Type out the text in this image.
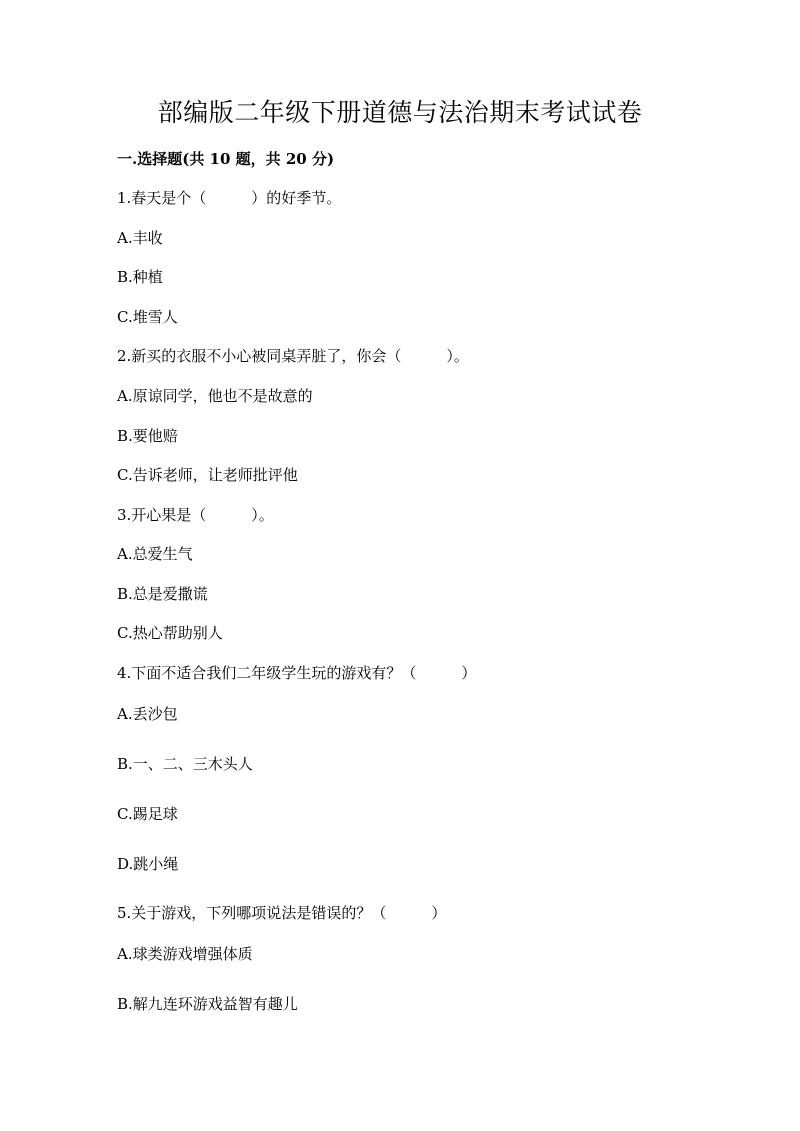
部编版二年级下册道德与法治期末考试试卷
一.选择题(共 10 题，共 20 分)
1.春天是个（　　　）的好季节。
A.丰收
B.种植
C.堆雪人
2.新买的衣服不小心被同桌弄脏了，你会（　　　）。
A.原谅同学，他也不是故意的
B.要他赔
C.告诉老师，让老师批评他
3.开心果是（　　　）。
A.总爱生气
B.总是爱撒谎
C.热心帮助别人
4.下面不适合我们二年级学生玩的游戏有？（　　　）
A.丢沙包
B.一、二、三木头人
C.踢足球
D.跳小绳
5.关于游戏，下列哪项说法是错误的？（　　　）
A.球类游戏增强体质
B.解九连环游戏益智有趣儿
